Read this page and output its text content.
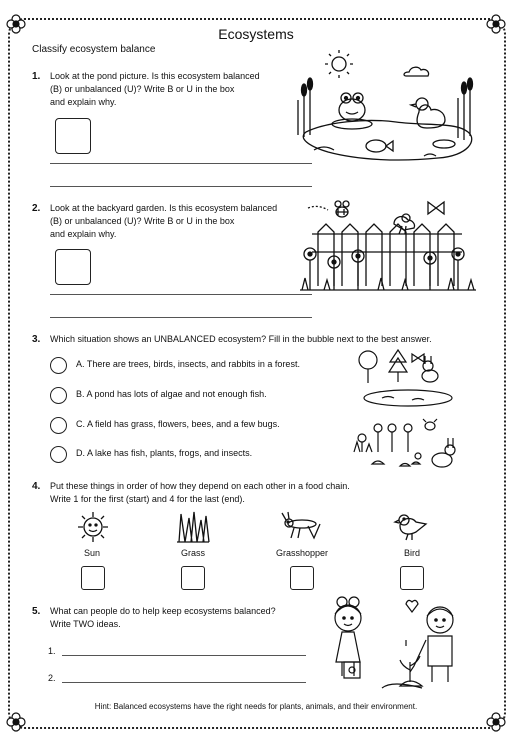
Ecosystems
Classify ecosystem balance
1. Look at the pond picture. Is this ecosystem balanced
(B) or unbalanced (U)? Write B or U in the box
and explain why.
2. Look at the backyard garden. Is this ecosystem balanced
(B) or unbalanced (U)? Write B or U in the box
and explain why.
3. Which situation shows an UNBALANCED ecosystem? Fill in the bubble next to the best answer.
A. There are trees, birds, insects, and rabbits in a forest.
B. A pond has lots of algae and not enough fish.
C. A field has grass, flowers, bees, and a few bugs.
D. A lake has fish, plants, frogs, and insects.
4. Put these things in order of how they depend on each other in a food chain.
Write 1 for the first (start) and 4 for the last (end).
Sun	Grass	Grasshopper	Bird
5. What can people do to help keep ecosystems balanced?
Write TWO ideas.
1.
2.
Hint: Balanced ecosystems have the right needs for plants, animals, and their environment.
